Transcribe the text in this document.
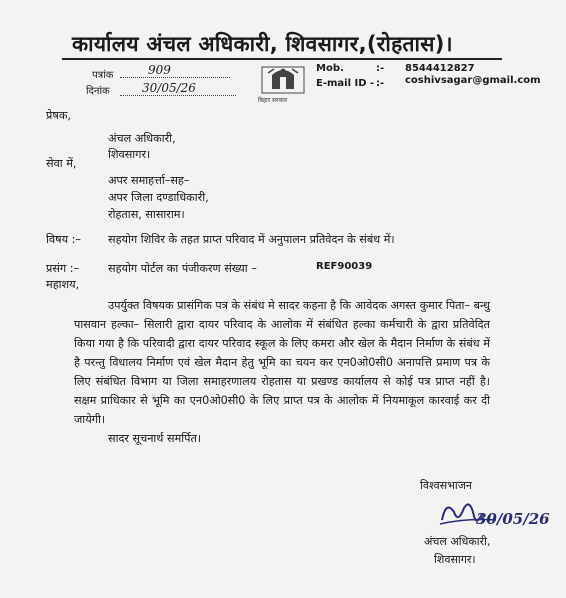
कार्यालय अंचल अधिकारी, शिवसागर,(रोहतास)।
पत्रांक	909
दिनांक	30/05/26
बिहार सरकार
Mob.	:- 8544412827
E-mail ID - :- coshivsagar@gmail.com
प्रेषक,
अंचल अधिकारी,
शिवसागर।
सेवा में,
अपर समाहर्त्ता–सह–
अपर जिला दण्डाधिकारी,
रोहतास, सासाराम।
विषय :– सहयोग शिविर के तहत प्राप्त परिवाद में अनुपालन प्रतिवेदन के संबंध में।
प्रसंग :–	सहयोग पोर्टल का पंजीकरण संख्या –	REF90039
महाशय,
उपर्युक्त विषयक प्रासंगिक पत्र के संबंध मे सादर कहना है कि आवेदक अगस्त कुमार पिता– बन्धु पासवान हल्का– सिलारी द्वारा दायर परिवाद के आलोक में संबंधित हल्का कर्मचारी के द्वारा प्रतिवेदित किया गया है कि परिवादी द्वारा दायर परिवाद स्कूल के लिए कमरा और खेल के मैदान निर्माण के संबंध में है परन्तु विधालय निर्माण एवं खेल मैदान हेतु भूमि का चयन कर एन0ओ0सी0 अनापत्ति प्रमाण पत्र के लिए संबंधित विभाग या जिला समाहरणालय रोहतास या प्रखण्ड कार्यालय से कोई पत्र प्राप्त नहीं है। सक्षम प्राधिकार से भूमि का एन0ओ0सी0 के लिए प्राप्त पत्र के आलोक में नियमाकूल कारवाई कर दी जायेगी।
सादर सूचनार्थ समर्पित।
विश्वसभाजन
30/05/26
अंचल अधिकारी,
शिवसागर।
